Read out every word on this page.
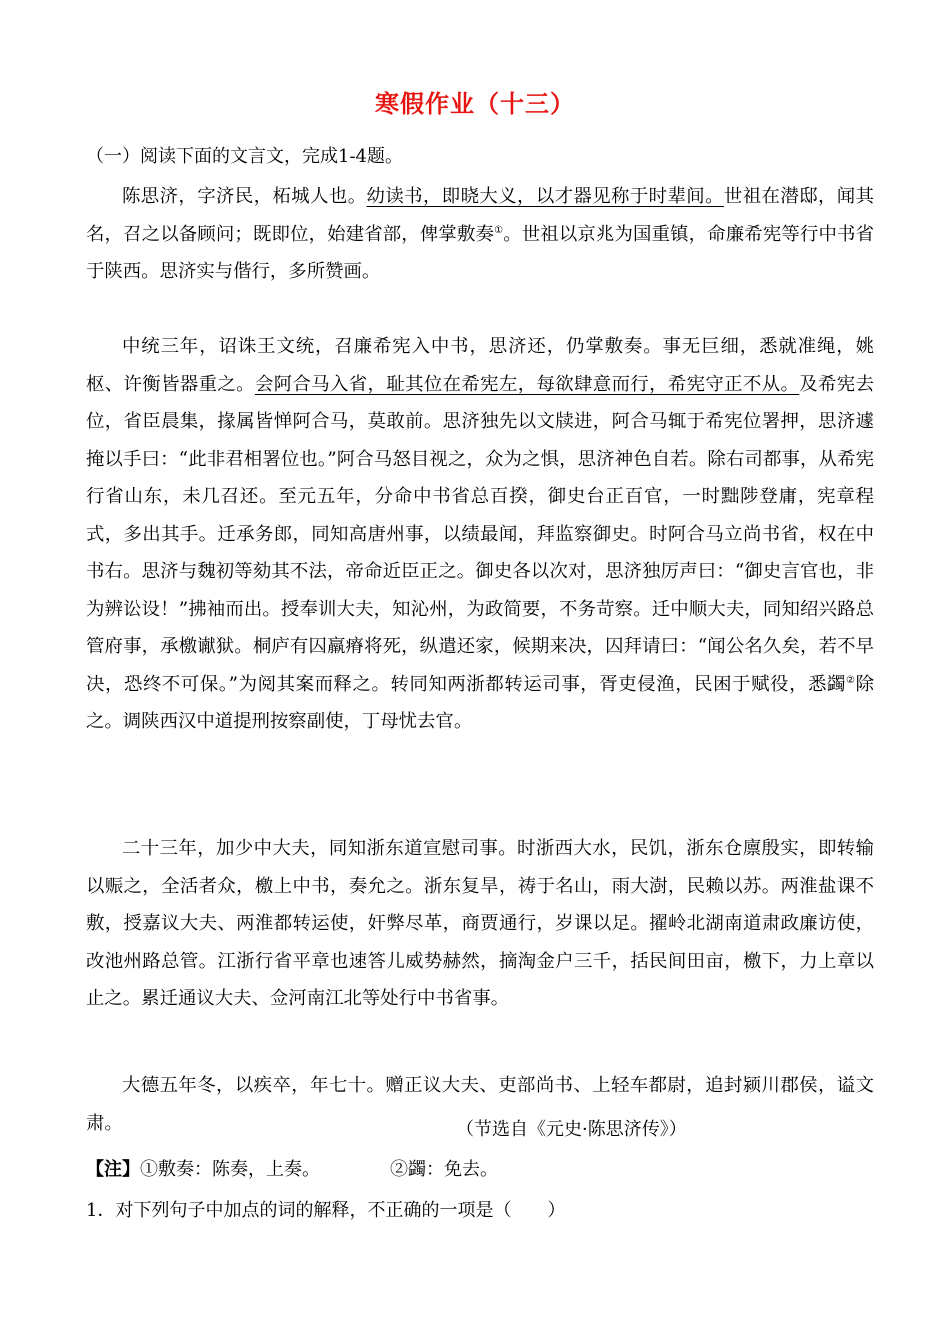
寒假作业（十三）
（一）阅读下面的文言文，完成1-4题。

陈思济，字济民，柘城人也。幼读书，即晓大义，以才器见称于时辈间。世祖在潜邸，闻其名，召之以备顾问；既即位，始建省部，俾掌敷奏①。世祖以京兆为国重镇，命廉希宪等行中书省于陕西。思济实与偕行，多所赞画。

中统三年，诏诛王文统，召廉希宪入中书，思济还，仍掌敷奏。事无巨细，悉就准绳，姚枢、许衡皆器重之。会阿合马入省，耻其位在希宪左，每欲肆意而行，希宪守正不从。及希宪去位，省臣晨集，掾属皆惮阿合马，莫敢前。思济独先以文牍进，阿合马辄于希宪位署押，思济遽掩以手曰：“此非君相署位也。”阿合马怒目视之，众为之惧，思济神色自若。除右司都事，从希宪行省山东，未几召还。至元五年，分命中书省总百揆，御史台正百官，一时黜陟登庸，宪章程式，多出其手。迁承务郎，同知高唐州事，以绩最闻，拜监察御史。时阿合马立尚书省，权在中书右。思济与魏初等劾其不法，帝命近臣正之。御史各以次对，思济独厉声曰：“御史言官也，非为辨讼设！”拂袖而出。授奉训大夫，知沁州，为政简要，不务苛察。迁中顺大夫，同知绍兴路总管府事，承檄谳狱。桐庐有囚羸瘠将死，纵遣还家，候期来决，囚拜请曰：“闻公名久矣，若不早决，恐终不可保。”为阅其案而释之。转同知两浙都转运司事，胥吏侵渔，民困于赋役，悉蠲②除之。调陕西汉中道提刑按察副使，丁母忧去官。

二十三年，加少中大夫，同知浙东道宣慰司事。时浙西大水，民饥，浙东仓廪殷实，即转输以赈之，全活者众，檄上中书，奏允之。浙东复旱，祷于名山，雨大澍，民赖以苏。两淮盐课不敷，授嘉议大夫、两淮都转运使，奸弊尽革，商贾通行，岁课以足。擢岭北湖南道肃政廉访使，改池州路总管。江浙行省平章也速答儿威势赫然，摘淘金户三千，括民间田亩，檄下，力上章以止之。累迁通议大夫、佥河南江北等处行中书省事。

大德五年冬，以疾卒，年七十。赠正议大夫、吏部尚书、上轻车都尉，追封颍川郡侯，谥文肃。	（节选自《元史·陈思济传》）
【注】①敷奏：陈奏，上奏。	②蠲：免去。
1．对下列句子中加点的词的解释，不正确的一项是（　　）
